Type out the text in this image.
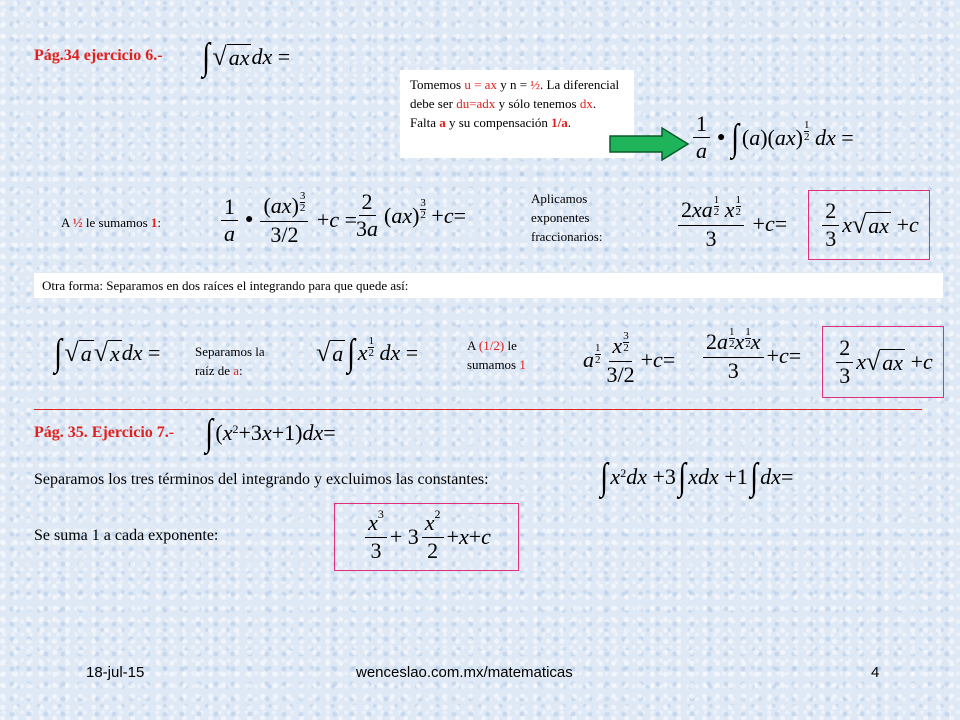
Pág.34 ejercicio 6.- ∫ √ ax dx =
Tomemos u = ax y n = ½. La diferencial debe ser du=adx y sólo tenemos dx. Falta a y su compensación 1/a.	$\frac{1}{a}$ ● ∫ ( a )( ax ) 1
2
dx =
A ½ le sumamos 1:	$\frac{1}{a}$ ● $\frac{(ax) \frac{3}{2}}{3/2} + c$ =
$\frac{2}{3a}$ ( ax ) 3
2 + c =
Aplicamos exponentes fraccionarios:	$\frac{2xa \frac{1}{2} x \frac{1}{2}}{3} + c = \frac{2}{3}$ x √ ax + c
Otra forma: Separamos en dos raíces el integrando para que quede así:
∫ √ a √ x dx =	Separamos la raíz de a:
√ a ∫ x 1
2
dx =	A (1/2) le sumamos 1	a 1
$2 \frac{x \frac{3}{2}}{3/2} + c = \frac{2a \frac{1}{2} x \frac{1}{2} x}{3} + c = \frac{2}{3}$ x √ ax + c
Pág. 35. Ejercicio 7.- ∫ ( x 2 +3 x +1) dx =
Separamos los tres términos del integrando y excluimos las constantes:	∫ x 2 dx +3 ∫ xdx +1 ∫ dx =
Se suma 1 a cada exponente:	$\frac{x^3}{3} + 3 \frac{x^2}{2} + x + c$
18-jul-15	wenceslao.com.mx/matematicas	4
